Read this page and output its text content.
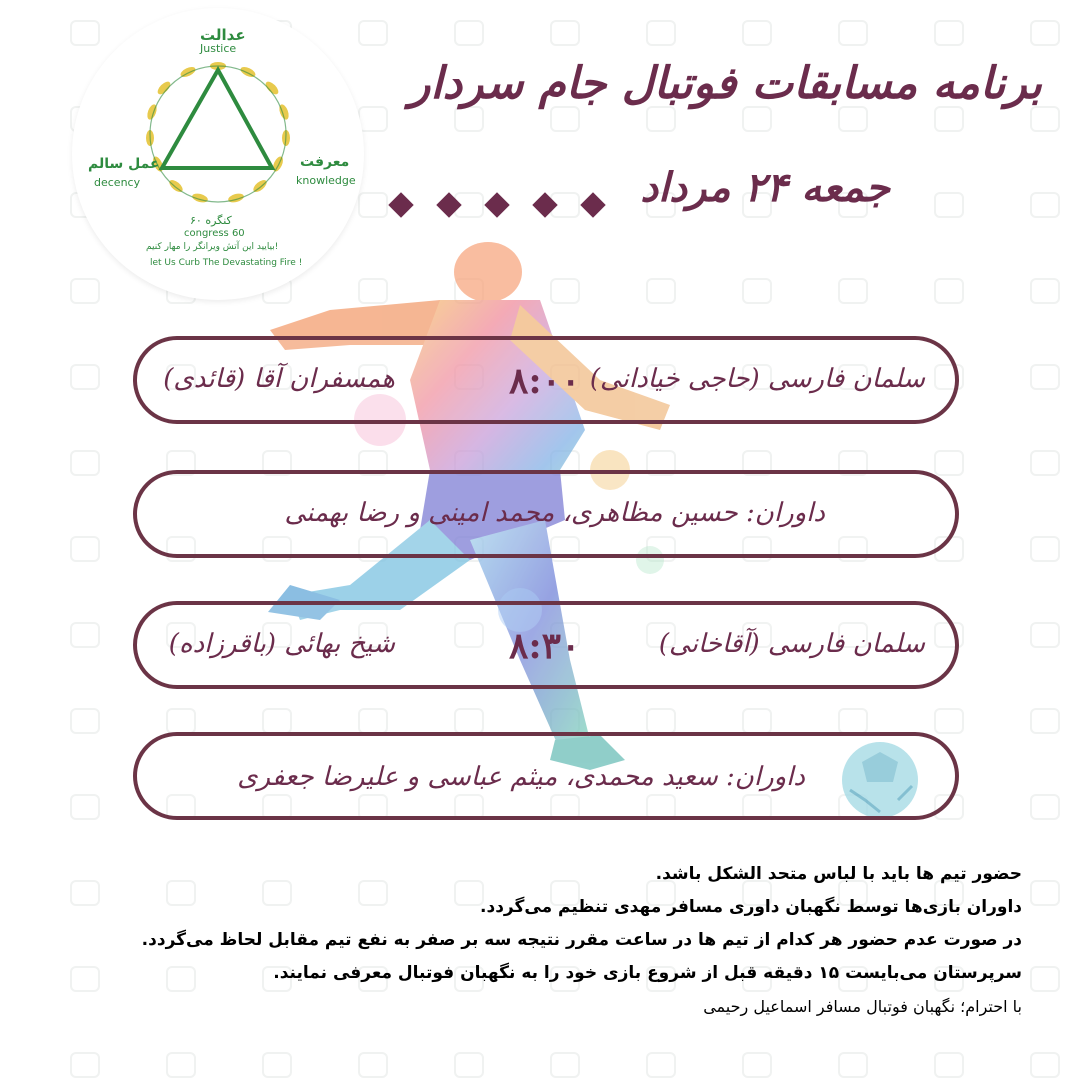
عدالت
Justice
عمل سالم
decency
معرفت
knowledge
کنگره ۶۰
congress 60
بیایید این آتش ویرانگر را مهار کنیم!
let Us Curb The Devastating Fire !
برنامه مسابقات فوتبال جام سردار
جمعه ۲۴ مرداد
سلمان فارسی (حاجی خیادانی)
۸:۰۰
همسفران آقا (قائدی)
داوران: حسین مظاهری، محمد امینی و رضا بهمنی
سلمان فارسی (آقاخانی)
۸:۳۰
شیخ بهائی (باقرزاده)
داوران: سعید محمدی، میثم عباسی و علیرضا جعفری
حضور تیم ها باید با لباس متحد الشکل باشد.
داوران بازی‌ها توسط نگهبان داوری مسافر مهدی تنظیم می‌گردد.
در صورت عدم حضور هر کدام از تیم ها در ساعت مقرر نتیجه سه بر صفر به نفع تیم مقابل لحاظ می‌گردد.
سرپرستان می‌بایست ۱۵ دقیقه قبل از شروع بازی خود را به نگهبان فوتبال معرفی نمایند.
با احترام؛ نگهبان فوتبال مسافر اسماعیل رحیمی
